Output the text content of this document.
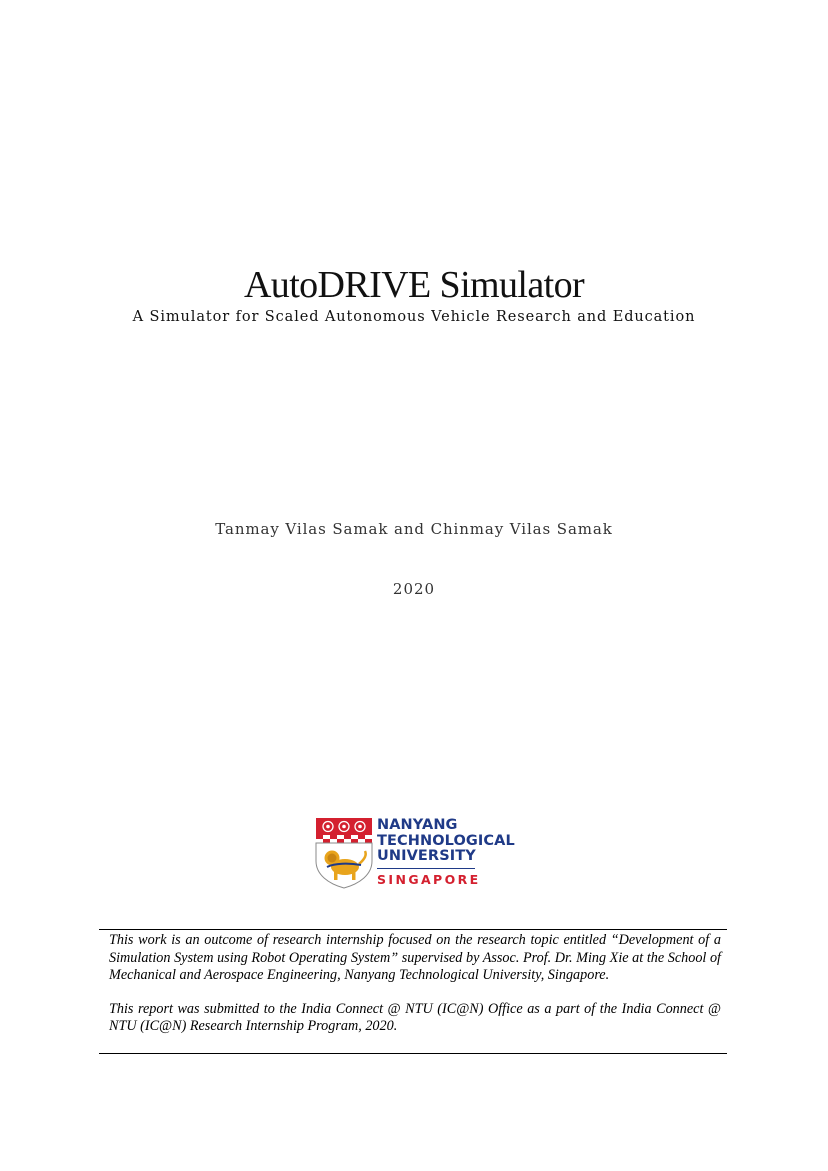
AutoDRIVE Simulator
A Simulator for Scaled Autonomous Vehicle Research and Education
Tanmay Vilas Samak and Chinmay Vilas Samak
2020
NANYANG
TECHNOLOGICAL
UNIVERSITY
SINGAPORE

This work is an outcome of research internship focused on the research topic entitled “Development of a Simulation System using Robot Operating System” supervised by Assoc. Prof. Dr. Ming Xie at the School of Mechanical and Aerospace Engineering, Nanyang Technological University, Singapore.

This report was submitted to the India Connect @ NTU (IC@N) Office as a part of the India Connect @ NTU (IC@N) Research Internship Program, 2020.
